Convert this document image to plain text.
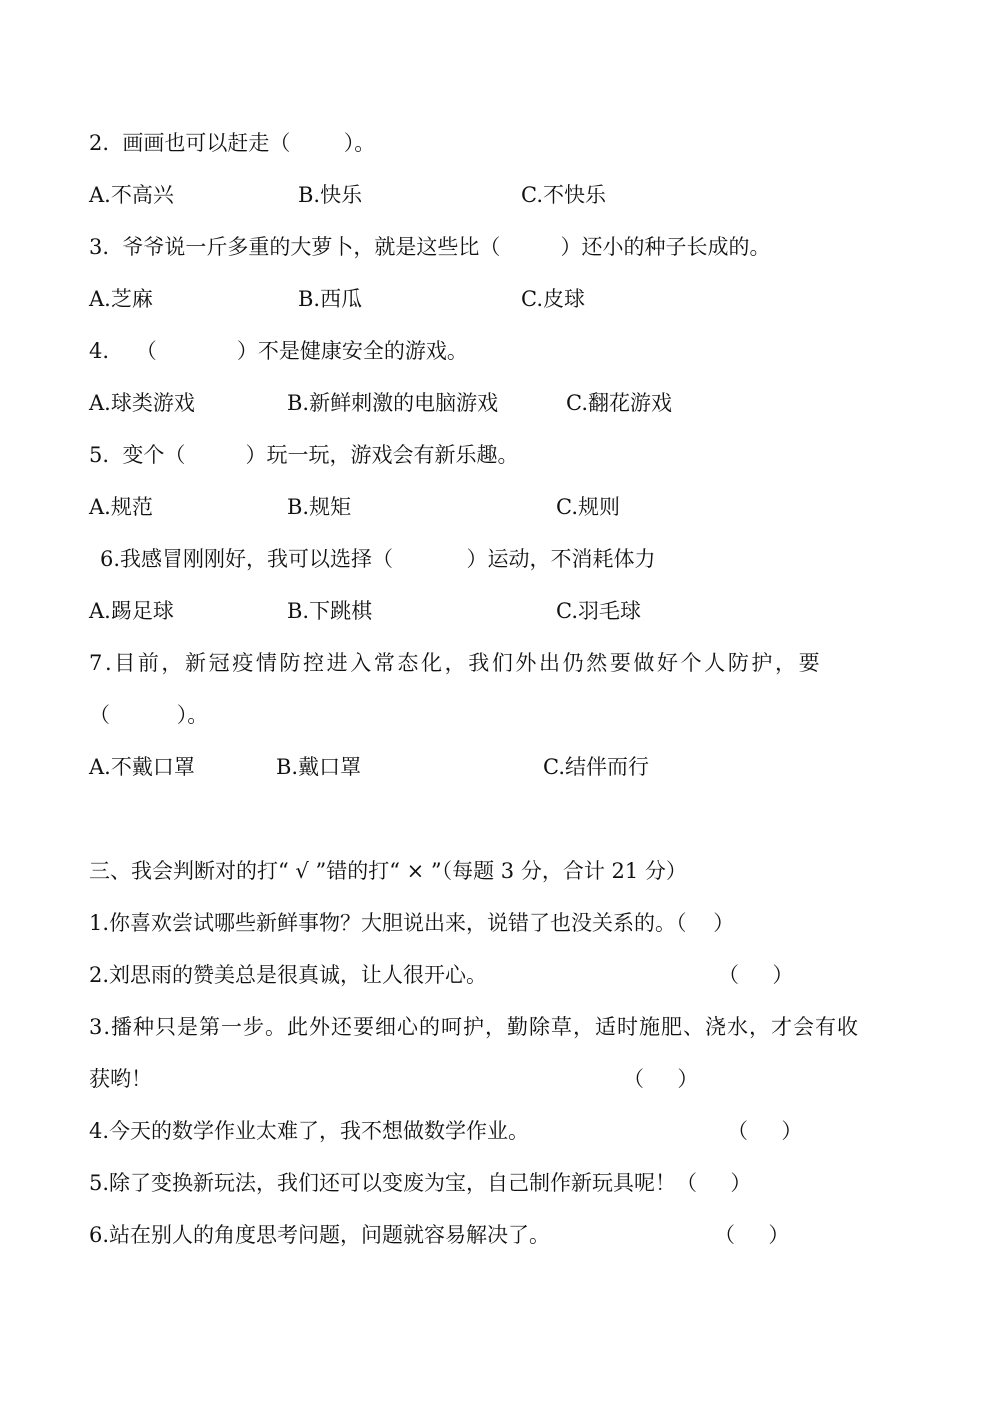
2.  画画也可以赶走（        ）。
A.不高兴	B.快乐	C.不快乐
3.  爷爷说一斤多重的大萝卜，就是这些比（         ）还小的种子长成的。
A.芝麻	B.西瓜	C.皮球
4.    （            ）不是健康安全的游戏。
A.球类游戏	B.新鲜刺激的电脑游戏	C.翻花游戏
5.  变个（         ）玩一玩，游戏会有新乐趣。
A.规范	B.规矩	C.规则
6.我感冒刚刚好，我可以选择（           ）运动，不消耗体力
A.踢足球	B.下跳棋	C.羽毛球
7.目前，新冠疫情防控进入常态化，我们外出仍然要做好个人防护，要
（          ）。
A.不戴口罩	B.戴口罩	C.结伴而行
三、我会判断对的打“ √ ”错的打“ × ”（每题 3 分，合计 21 分）
1.你喜欢尝试哪些新鲜事物？大胆说出来，说错了也没关系的。（    ）
2.刘思雨的赞美总是很真诚，让人很开心。	（     ）
3.播种只是第一步。此外还要细心的呵护，勤除草，适时施肥、浇水，才会有收
获哟！	（     ）
4.今天的数学作业太难了，我不想做数学作业。	（     ）
5.除了变换新玩法，我们还可以变废为宝，自己制作新玩具呢！（     ）
6.站在别人的角度思考问题，问题就容易解决了。	（     ）
